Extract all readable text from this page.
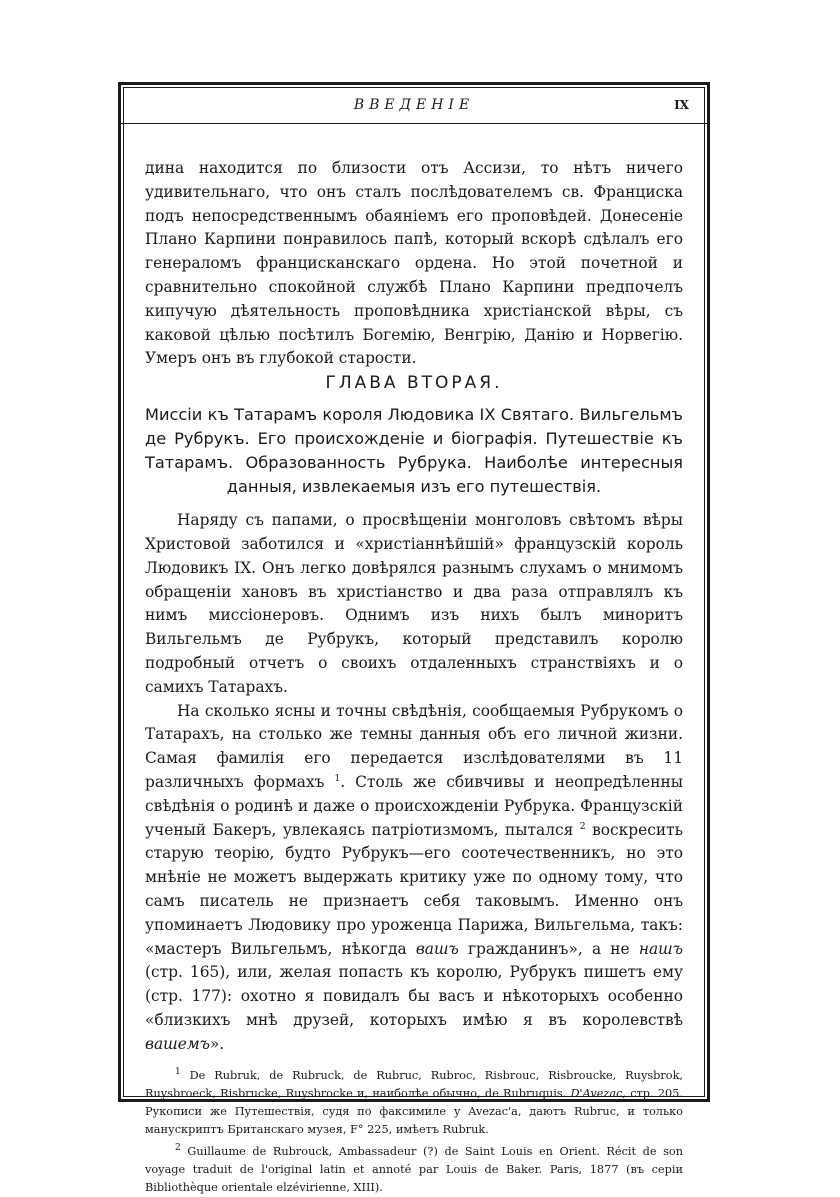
ВВЕДЕНІЕ	IX

дина находится по близости отъ Ассизи, то нѣтъ ничего удивительнаго, что онъ сталъ послѣдователемъ св. Франциска подъ непосредственнымъ обаяніемъ его проповѣдей. Донесеніе Плано Карпини понравилось папѣ, который вскорѣ сдѣлалъ его генераломъ францисканскаго ордена. Но этой почетной и сравнительно спокойной службѣ Плано Карпини предпочелъ кипучую дѣятельность проповѣдника христіанской вѣры, съ каковой цѣлью посѣтилъ Богемію, Венгрію, Данію и Норвегію. Умеръ онъ въ глубокой старости.

ГЛАВА ВТОРАЯ.

Миссіи къ Татарамъ короля Людовика IX Святаго. Вильгельмъ де Рубрукъ. Его происхожденіе и біографія. Путешествіе къ Татарамъ. Образованность Рубрука. Наиболѣе интересныя данныя, извлекаемыя изъ его путешествія.

Наряду съ папами, о просвѣщеніи монголовъ свѣтомъ вѣры Христовой заботился и «христіаннѣйшій» французскій король Людовикъ IX. Онъ легко довѣрялся разнымъ слухамъ о мнимомъ обращеніи хановъ въ христіанство и два раза отправлялъ къ нимъ миссіонеровъ. Однимъ изъ нихъ былъ миноритъ Вильгельмъ де Рубрукъ, который представилъ королю подробный отчетъ о своихъ отдаленныхъ странствіяхъ и о самихъ Татарахъ.

На сколько ясны и точны свѣдѣнія, сообщаемыя Рубрукомъ о Татарахъ, на столько же темны данныя объ его личной жизни. Самая фамилія его передается изслѣдователями въ 11 различныхъ формахъ $^1$. Столь же сбивчивы и неопредѣленны свѣдѣнія о родинѣ и даже о происхожденіи Рубрука. Французскій ученый Бакеръ, увлекаясь патріотизмомъ, пытался $^2$ воскресить старую теорію, будто Рубрукъ—его соотечественникъ, но это мнѣніе не можетъ выдержать критику уже по одному тому, что самъ писатель не признаетъ себя таковымъ. Именно онъ упоминаетъ Людовику про уроженца Парижа, Вильгельма, такъ: «мастеръ Вильгельмъ, нѣкогда вашъ гражданинъ», а не нашъ (стр. 165), или, желая попасть къ королю, Рубрукъ пишетъ ему (стр. 177): охотно я повидалъ бы васъ и нѣкоторыхъ особенно «близкихъ мнѣ друзей, которыхъ имѣю я въ королевствѣ вашемъ».

$^1$ De Rubruk, de Rubruck, de Rubruc, Rubroc, Risbrouc, Risbroucke, Ruysbrok, Ruysbroeck, Risbrucke, Ruysbrocke и, наиболѣе обычно, de Rubruquis. D'Avezac, стр. 205. Рукописи же Путешествія, судя по факсимиле у Avezac'a, даютъ Rubruc, и только манускриптъ Британскаго музея, F° 225, имѣетъ Rubruk.

$^2$ Guillaume de Rubrouck, Ambassadeur (?) de Saint Louis en Orient. Récit de son voyage traduit de l'original latin et annoté par Louis de Baker. Paris, 1877 (въ серіи Bibliothèque orientale elzévirienne, XIII).
